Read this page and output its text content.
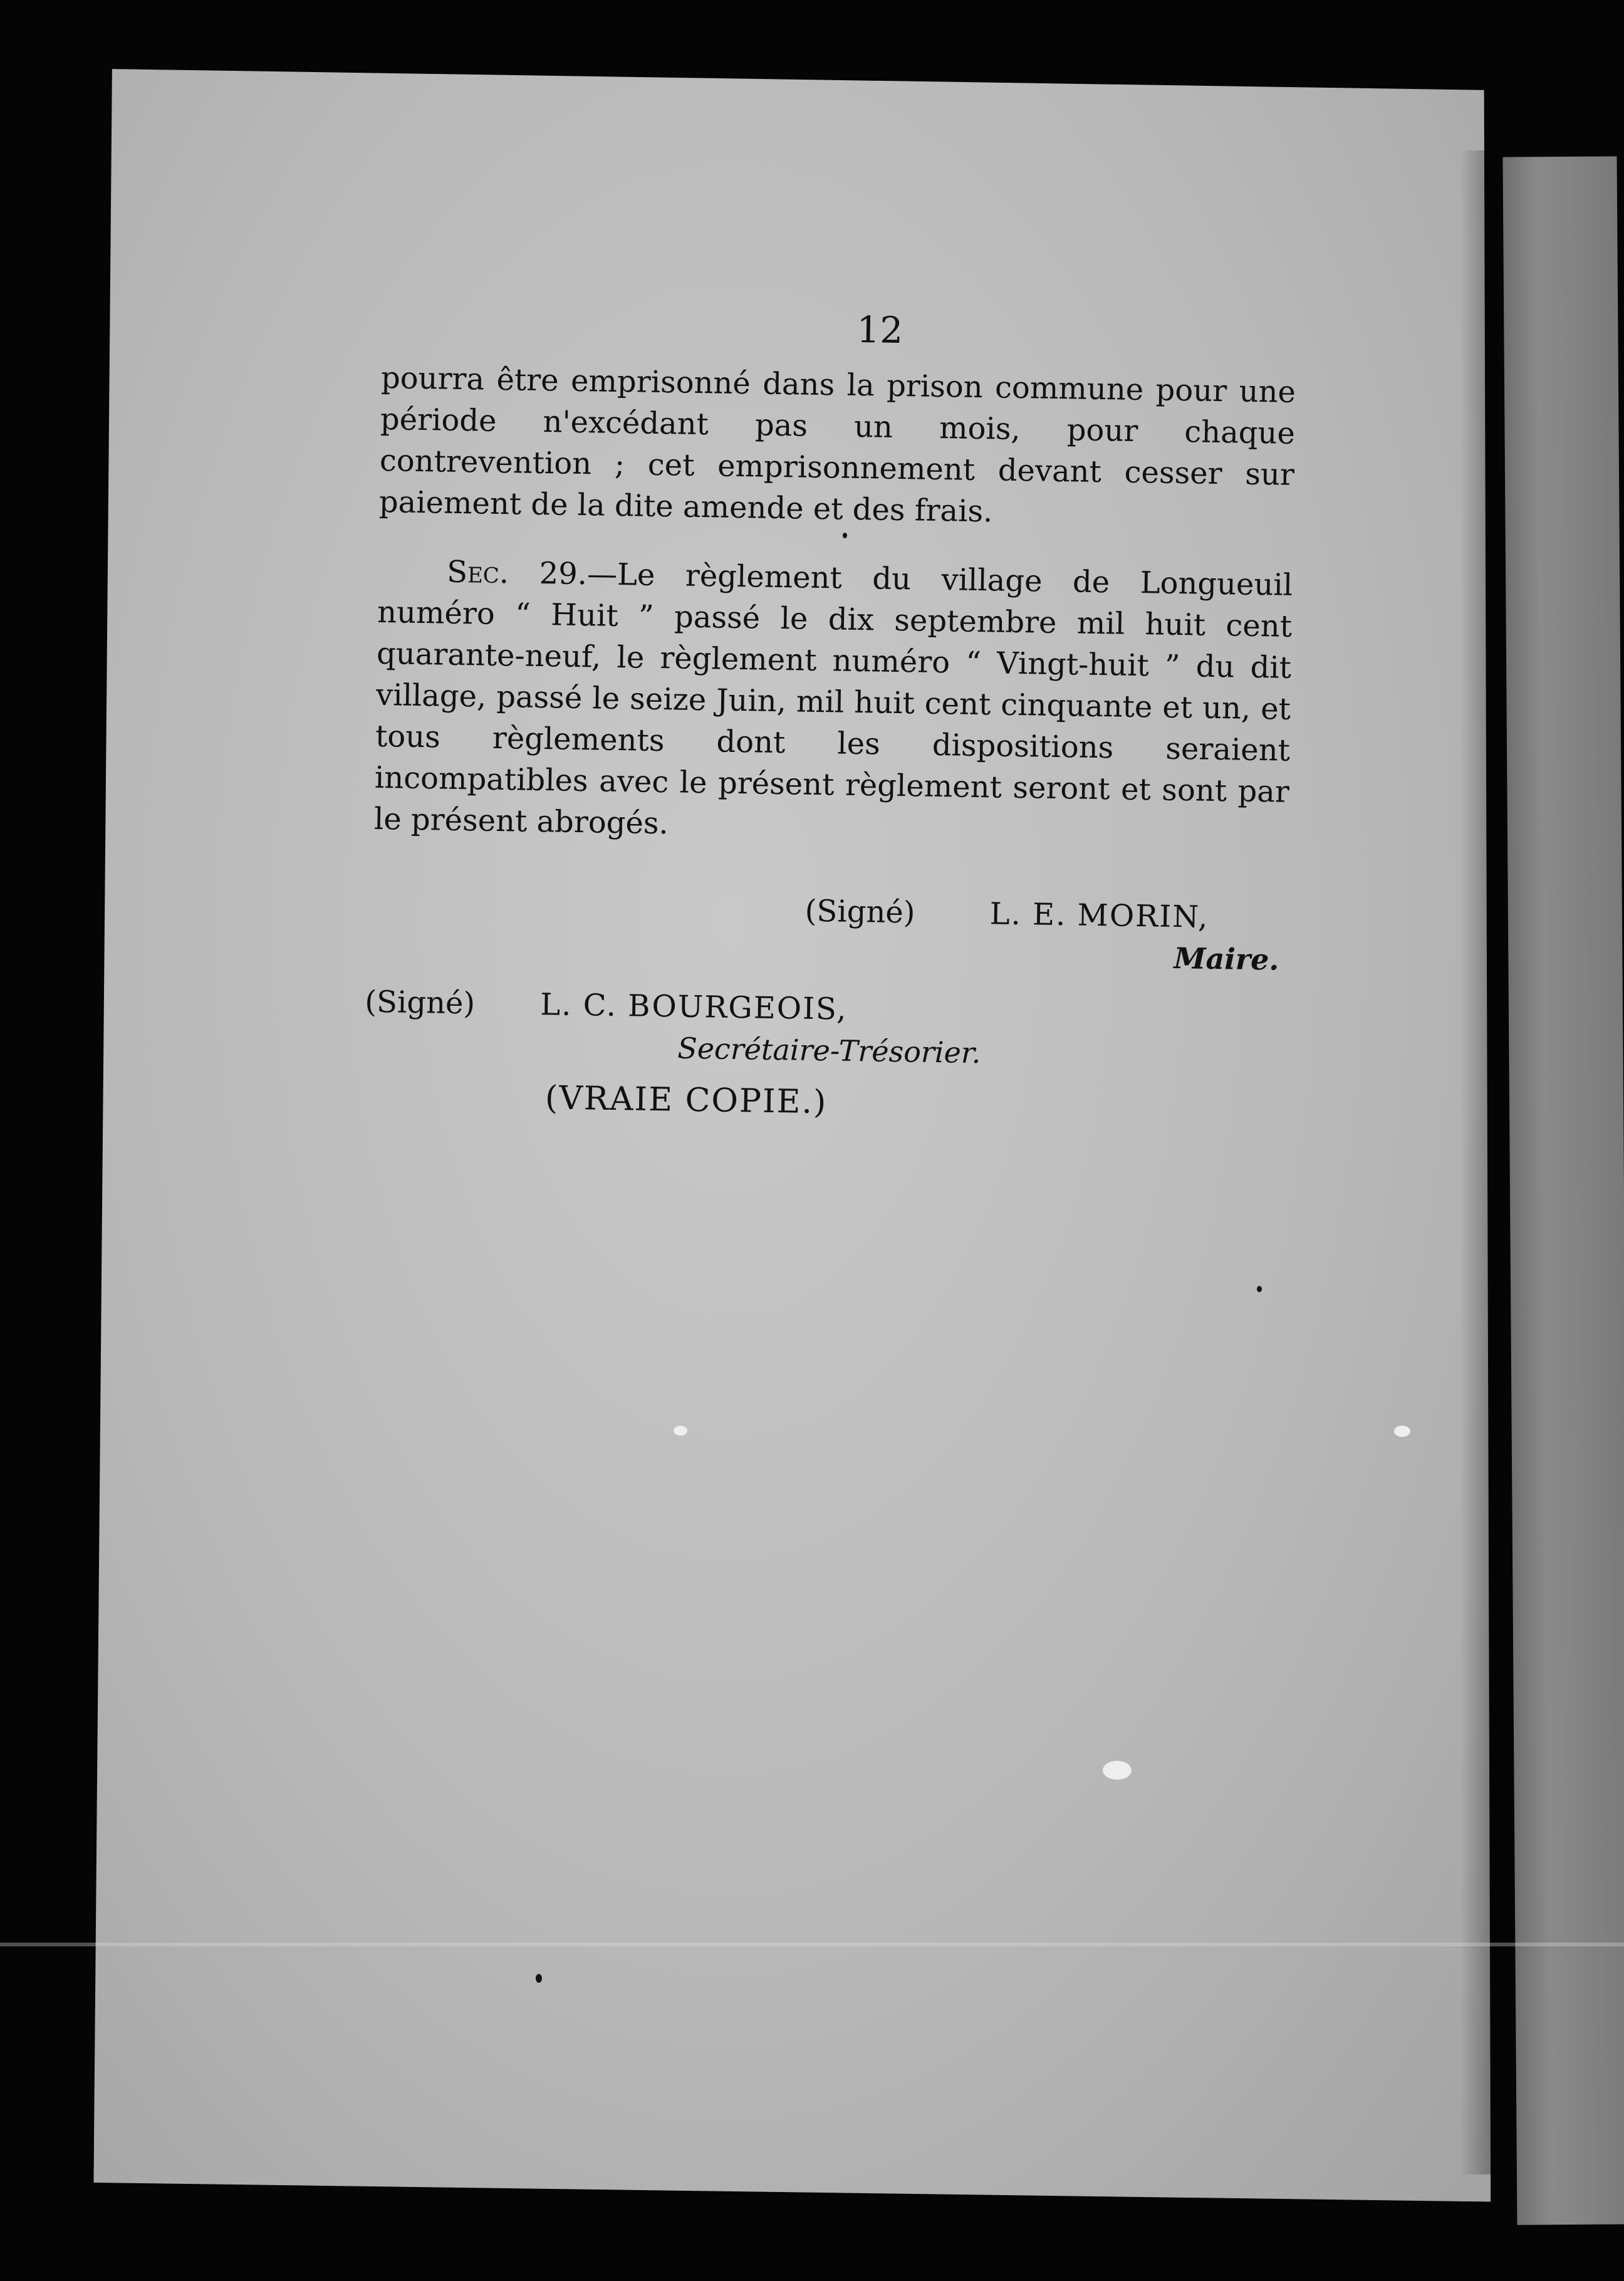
12

pourra être emprisonné dans la prison commune pour une période n'excédant pas un mois, pour chaque contrevention ; cet emprisonnement devant cesser sur paiement de la dite amende et des frais.

Sec. 29.—Le règlement du village de Longueuil numéro “ Huit ” passé le dix septembre mil huit cent quarante-neuf, le règlement numéro “ Vingt-huit ” du dit village, passé le seize Juin, mil huit cent cinquante et un, et tous règlements dont les dispositions seraient incompatibles avec le présent règlement seront et sont par le présent abrogés.

(Signé) L. E. MORIN,
Maire.
(Signé) L. C. BOURGEOIS,
Secrétaire-Trésorier.
(VRAIE COPIE.)
